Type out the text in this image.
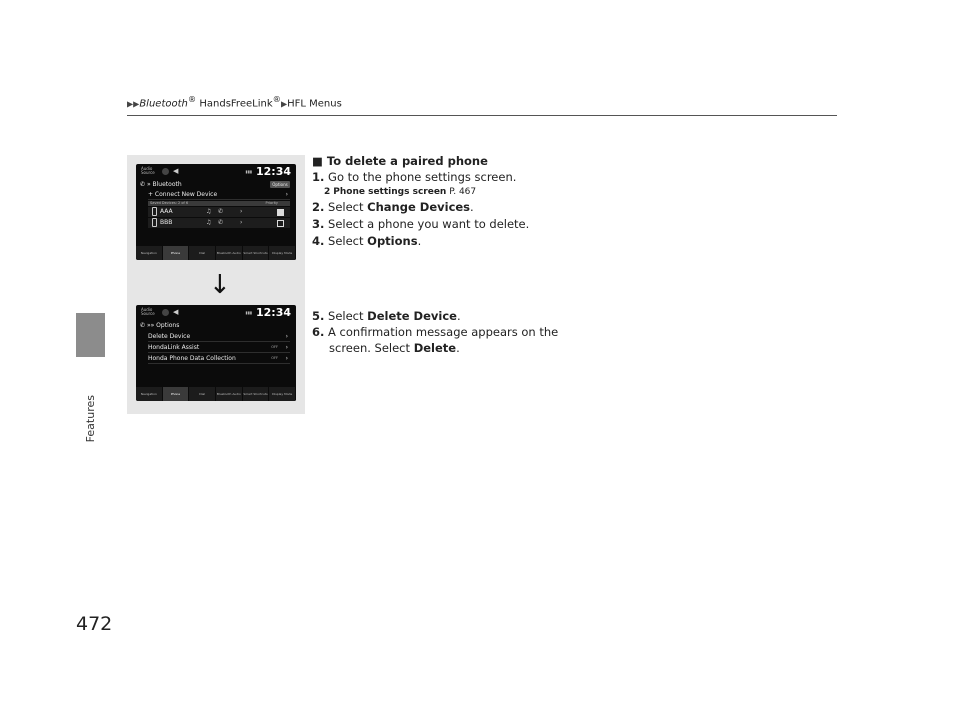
Features
472
▶▶Bluetooth® HandsFreeLink®▶HFL Menus
Audio Source	◀	▮▮▮ 12:34
✆ » Bluetooth	Options
+ Connect New Device	›
Saved Devices: 2 of 6	Priority
AAA	♫ ✆	›
BBB	♫ ✆	›
Navigation	Phone	Dial	Bluetooth Audio Smart Shortcuts	Display Mode
↓
Audio Source	◀	▮▮▮ 12:34
✆ »» Options
Delete Device	›
HondaLink Assist	OFF ›
Honda Phone Data Collection	OFF ›
Navigation	Phone	Dial	Bluetooth Audio Smart Shortcuts	Display Mode
■ To delete a paired phone
1. Go to the phone settings screen.
2 Phone settings screen P. 467
2. Select Change Devices.
3. Select a phone you want to delete.
4. Select Options.
5. Select Delete Device.
6. A confirmation message appears on the
screen. Select Delete.
